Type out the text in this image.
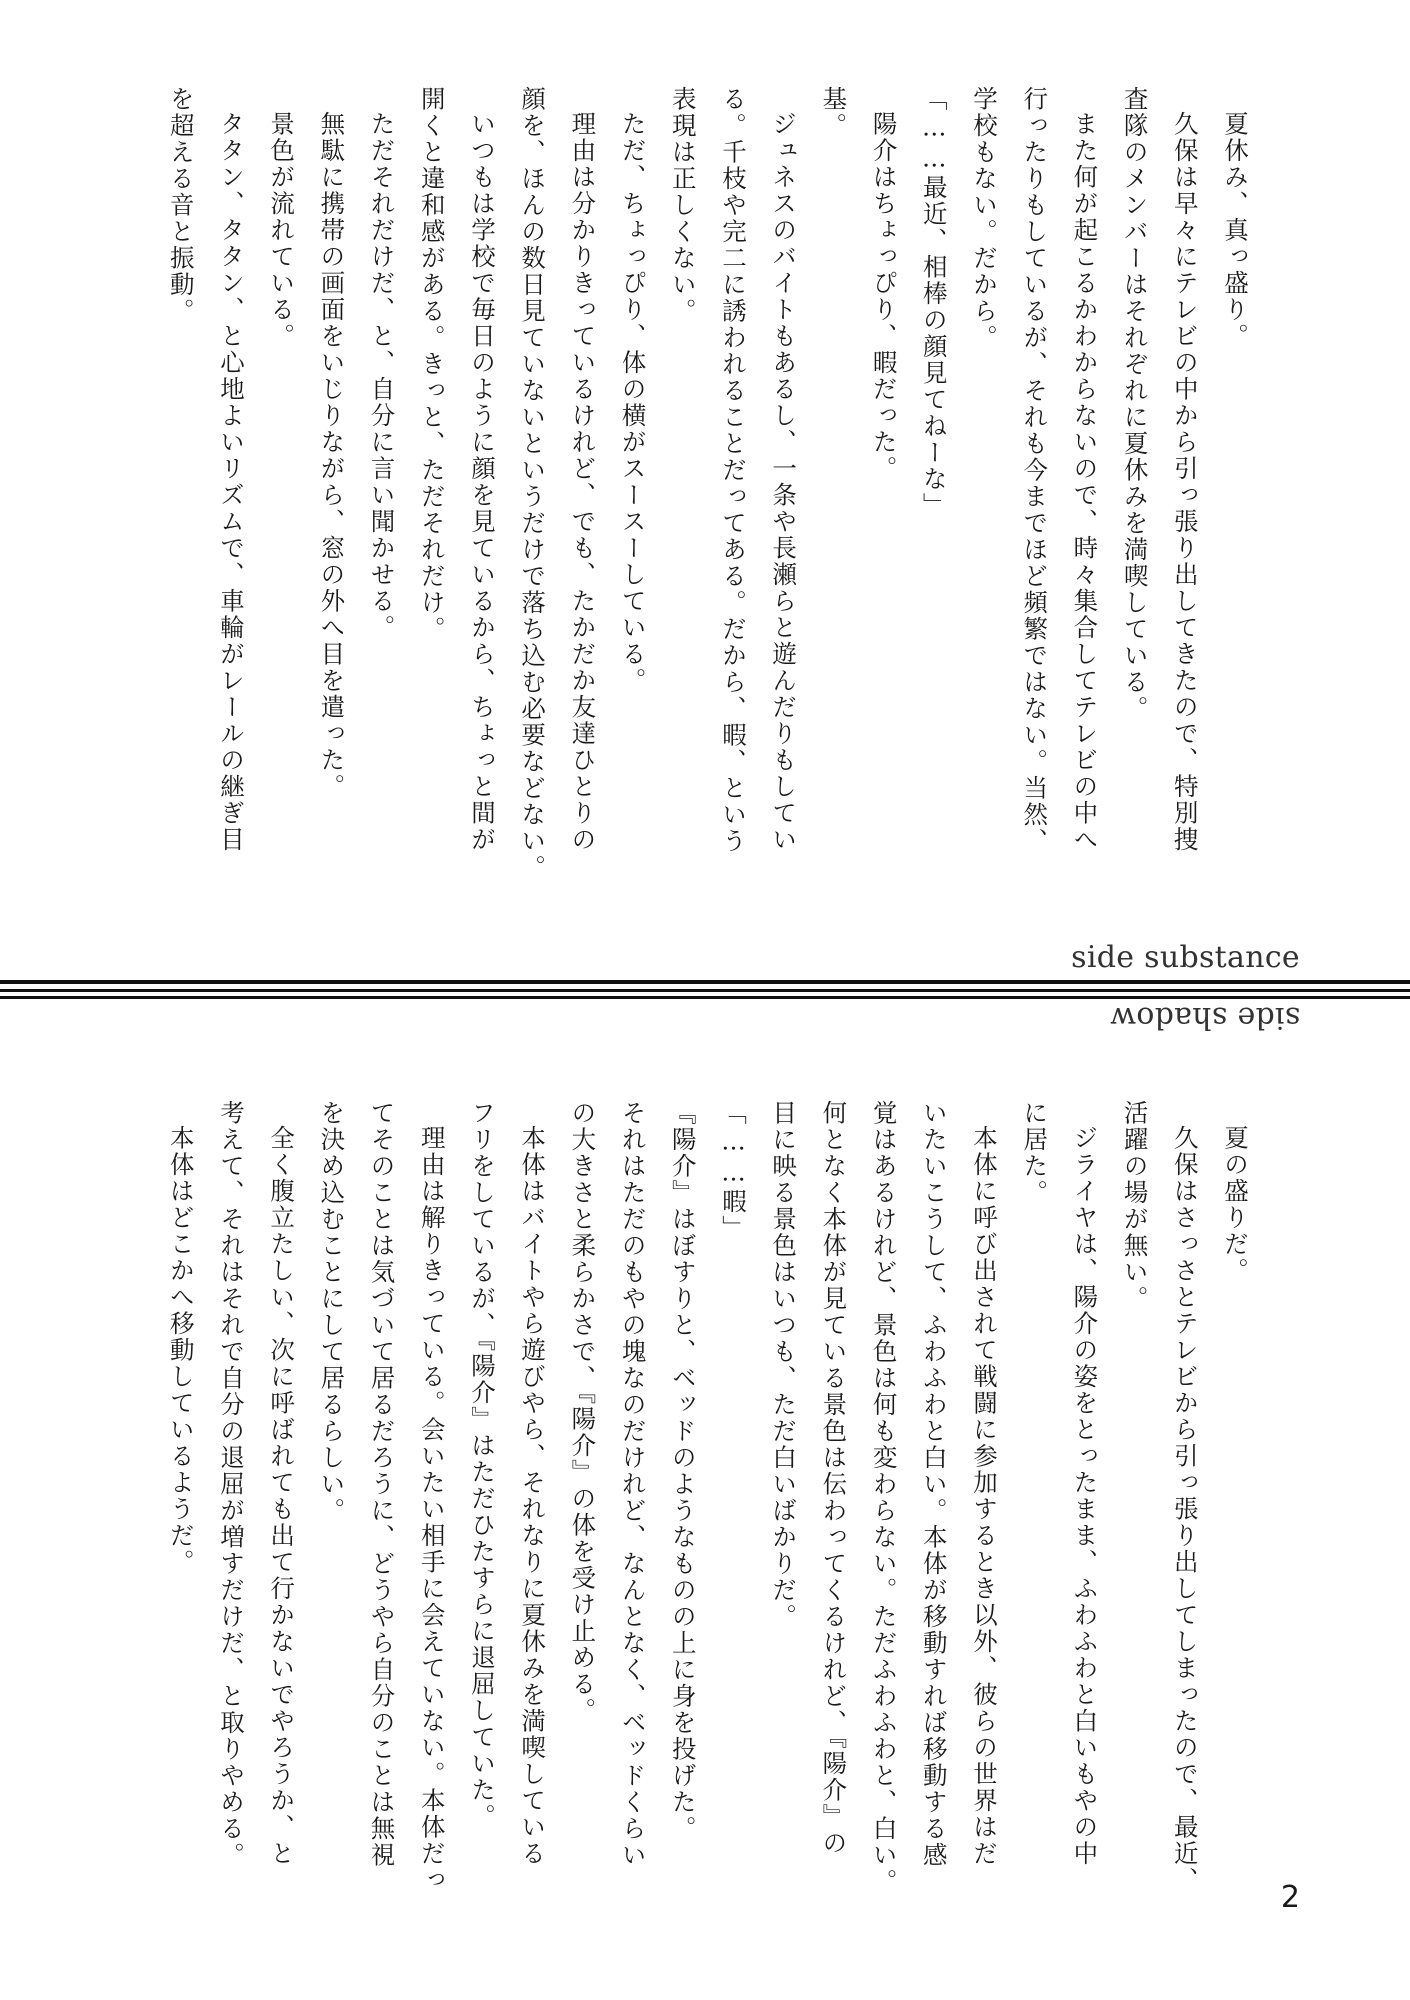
夏休み、真っ盛り。

久保は早々にテレビの中から引っ張り出してきたので、特別捜

査隊のメンバーはそれぞれに夏休みを満喫している。

また何が起こるかわからないので、時々集合してテレビの中へ

行ったりもしているが、それも今までほど頻繁ではない。当然、

学校もない。だから。

「……最近、相棒の顔見てねーな」

陽介はちょっぴり、暇だった。

基。

ジュネスのバイトもあるし、一条や長瀬らと遊んだりもしてい

る。千枝や完二に誘われることだってある。だから、暇、という

表現は正しくない。

ただ、ちょっぴり、体の横がスースーしている。

理由は分かりきっているけれど、でも、たかだか友達ひとりの

顔を、ほんの数日見ていないというだけで落ち込む必要などない。

いつもは学校で毎日のように顔を見ているから、ちょっと間が

開くと違和感がある。きっと、ただそれだけ。

ただそれだけだ、と、自分に言い聞かせる。

無駄に携帯の画面をいじりながら、窓の外へ目を遣った。

景色が流れている。

タタン、タタン、と心地よいリズムで、車輪がレールの継ぎ目

を超える音と振動。

side substance
side shadow

夏の盛りだ。

久保はさっさとテレビから引っ張り出してしまったので、最近、

活躍の場が無い。

ジライヤは、陽介の姿をとったまま、ふわふわと白いもやの中

に居た。

本体に呼び出されて戦闘に参加するとき以外、彼らの世界はだ

いたいこうして、ふわふわと白い。本体が移動すれば移動する感

覚はあるけれど、景色は何も変わらない。ただふわふわと、白い。

何となく本体が見ている景色は伝わってくるけれど、『陽介』の

目に映る景色はいつも、ただ白いばかりだ。

「……暇」

『陽介』はぼすりと、ベッドのようなものの上に身を投げた。

それはただのもやの塊なのだけれど、なんとなく、ベッドくらい

の大きさと柔らかさで、『陽介』の体を受け止める。

本体はバイトやら遊びやら、それなりに夏休みを満喫している

フリをしているが、『陽介』はただひたすらに退屈していた。

理由は解りきっている。会いたい相手に会えていない。本体だっ

てそのことは気づいて居るだろうに、どうやら自分のことは無視

を決め込むことにして居るらしい。

全く腹立たしい、次に呼ばれても出て行かないでやろうか、と

考えて、それはそれで自分の退屈が増すだけだ、と取りやめる。

本体はどこかへ移動しているようだ。

2
